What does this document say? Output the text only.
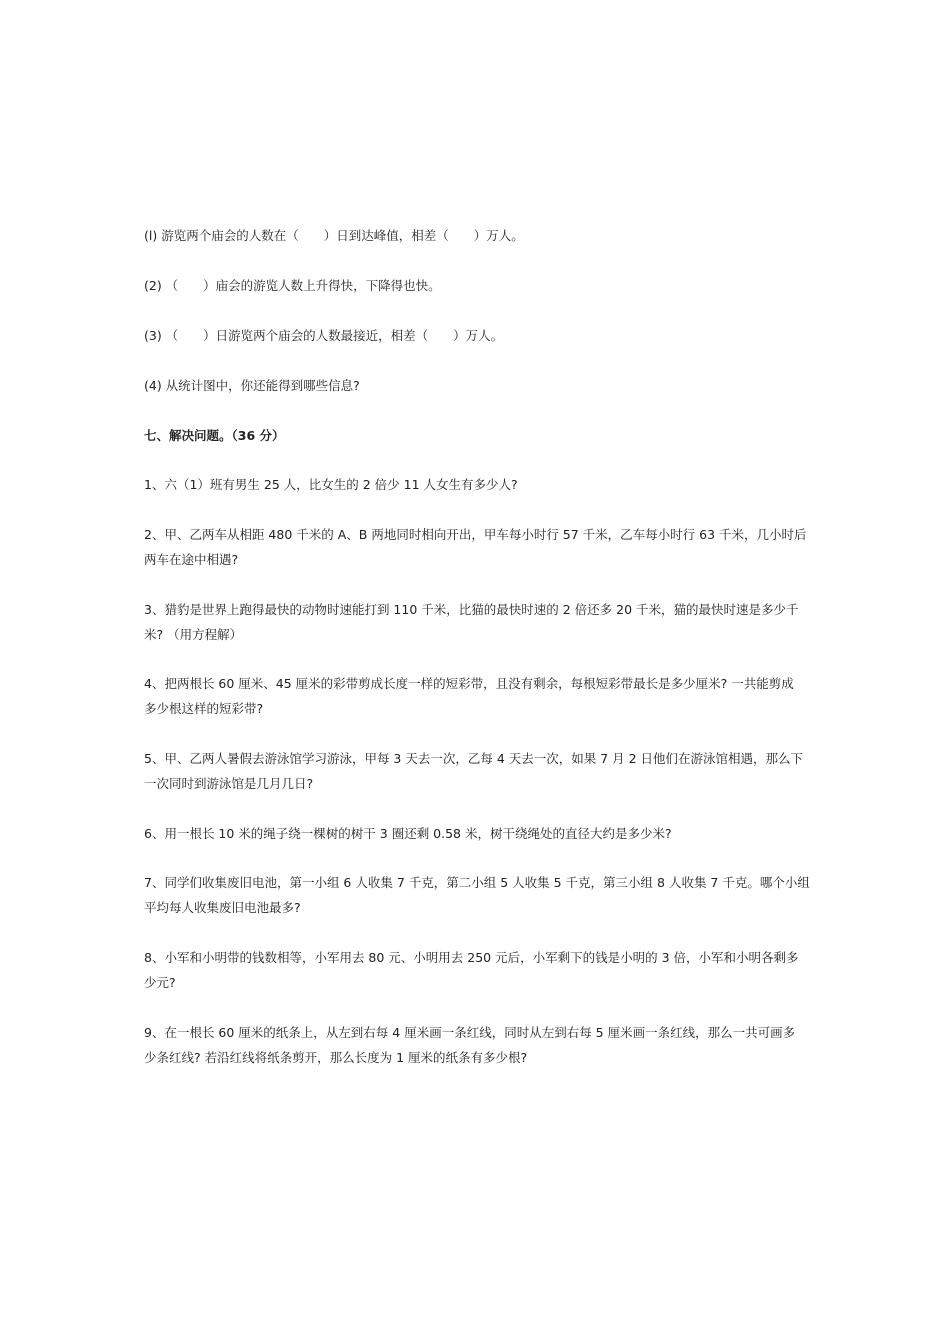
(l) 游览两个庙会的人数在（　　）日到达峰值，相差（　　）万人。
(2) （　　）庙会的游览人数上升得快，下降得也快。
(3) （　　）日游览两个庙会的人数最接近，相差（　　）万人。
(4) 从统计图中，你还能得到哪些信息?
七、解决问题。（36 分）
1、六（1）班有男生 25 人，比女生的 2 倍少 11 人女生有多少人?
2、甲、乙两车从相距 480 千米的 A、B 两地同时相向开出，甲车每小时行 57 千米，乙车每小时行 63 千米，几小时后
两车在途中相遇?
3、猎豹是世界上跑得最快的动物时速能打到 110 千米，比猫的最快时速的 2 倍还多 20 千米，猫的最快时速是多少千
米? （用方程解）
4、把两根长 60 厘米、45 厘米的彩带剪成长度一样的短彩带，且没有剩余，每根短彩带最长是多少厘米? 一共能剪成
多少根这样的短彩带?
5、甲、乙两人暑假去游泳馆学习游泳，甲每 3 天去一次，乙每 4 天去一次，如果 7 月 2 日他们在游泳馆相遇，那么下
一次同时到游泳馆是几月几日?
6、用一根长 10 米的绳子绕一棵树的树干 3 圈还剩 0.58 米，树干绕绳处的直径大约是多少米?
7、同学们收集废旧电池，第一小组 6 人收集 7 千克，第二小组 5 人收集 5 千克，第三小组 8 人收集 7 千克。哪个小组
平均每人收集废旧电池最多?
8、小军和小明带的钱数相等，小军用去 80 元、小明用去 250 元后，小军剩下的钱是小明的 3 倍，小军和小明各剩多
少元?
9、在一根长 60 厘米的纸条上，从左到右每 4 厘米画一条红线，同时从左到右每 5 厘米画一条红线，那么一共可画多
少条红线? 若沿红线将纸条剪开，那么长度为 1 厘米的纸条有多少根?
